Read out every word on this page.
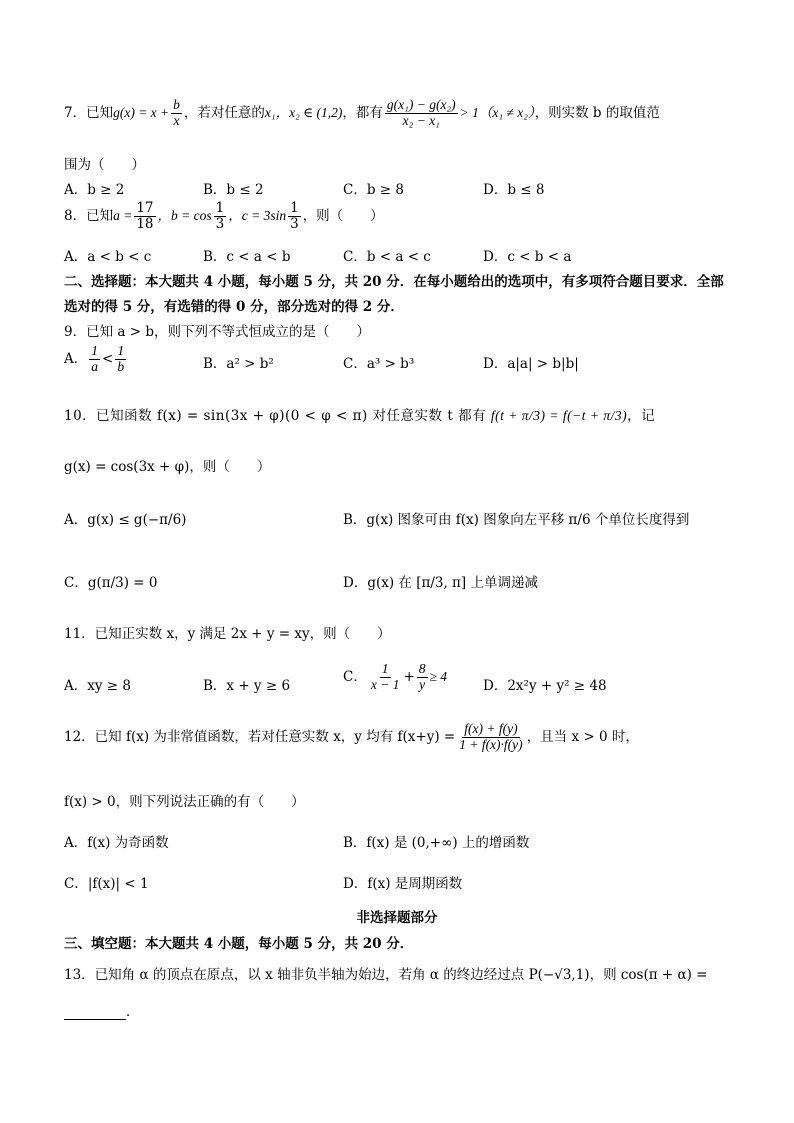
7．已知$g(x) = x + \frac{b}{x}$ ，若对任意的x₁，x₂ ∈ (1,2)，都有 $\frac{\text{g(x₁) − g(x₂)}}{\text{x₂ − x₁}} > 1(x_1 \ne x_2)$，则实数 b 的取值范
围为（　　）
A．b ≥ 2	B．b ≤ 2	C．b ≥ 8	D．b ≤ 8
8．已知$a = \frac{17}{18}$ ，$b = \cos \frac{1}{3}$ ，$c = 3\sin \frac{1}{3}$ ，则（　　）
A．a < b < c	B．c < a < b	C．b < a < c	D．c < b < a
二、选择题：本大题共 4 小题，每小题 5 分，共 20 分．在每小题给出的选项中，有多项符合题目要求．全部
选对的得 5 分，有选错的得 0 分，部分选对的得 2 分．
9．已知 a > b，则下列不等式恒成立的是（　　）
A． $\frac{1}{a} < \frac{1}{b}$	B．a² > b²	C．a³ > b³	D．a|a| > b|b|
10．已知函数 f(x) = sin(3x + φ)(0 < φ < π) 对任意实数 t 都有 f(t + π/3) = f(−t + π/3)，记
g(x) = cos(3x + φ)，则（　　）
A．g(x) ≤ g(−π/6)	B．g(x) 图象可由 f(x) 图象向左平移 π/6 个单位长度得到
C．g(π/3) = 0	D．g(x) 在 [π/3, π] 上单调递减
11．已知正实数 x，y 满足 2x + y = xy，则（　　）
A．xy ≥ 8	B．x + y ≥ 6
C． $\frac{1}{x - 1} + \frac{8}{y} \ge 4$
D．2x²y + y² ≥ 48
12．已知 f(x) 为非常值函数，若对任意实数 x，y 均有 $f(x+y) = \frac{f(x) + f(y)}{1 + f(x)\cdot f(y)}$ ，且当 x > 0 时，
f(x) > 0，则下列说法正确的有（　　）
A．f(x) 为奇函数	B．f(x) 是 (0,+∞) 上的增函数
C．|f(x)| < 1	D．f(x) 是周期函数
非选择题部分
三、填空题：本大题共 4 小题，每小题 5 分，共 20 分．
13．已知角 α 的顶点在原点，以 x 轴非负半轴为始边，若角 α 的终边经过点 P(−√3,1)，则 cos(π + α) =
．
